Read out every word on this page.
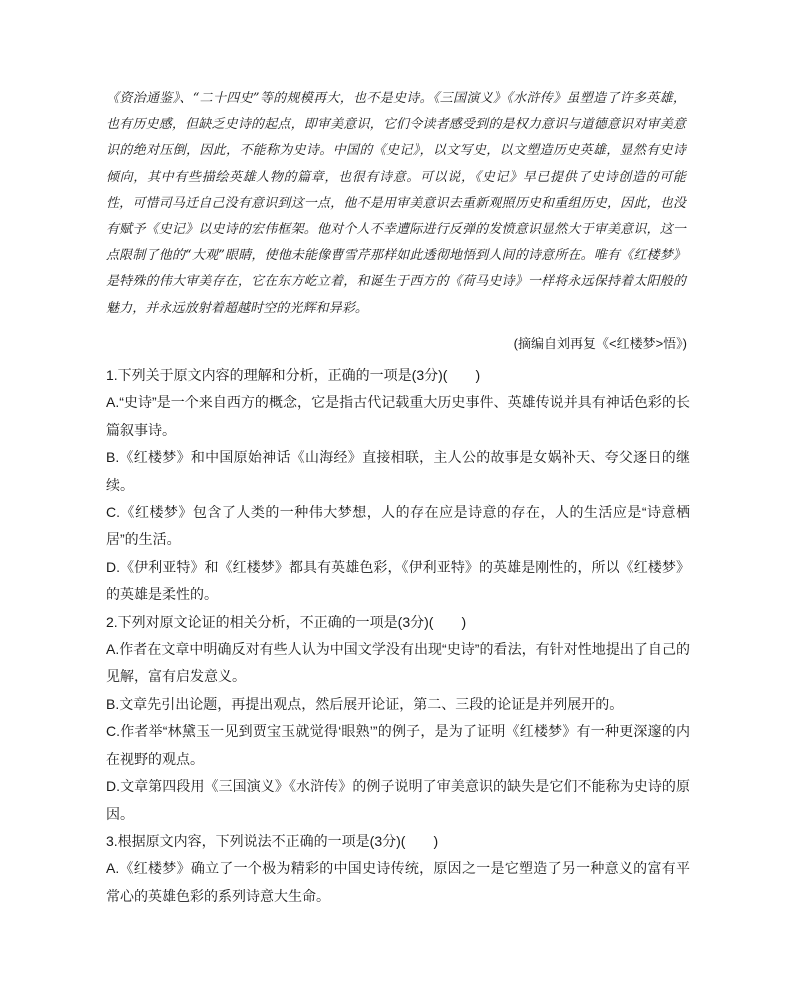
《资治通鉴》、“二十四史”等的规模再大，也不是史诗。《三国演义》《水浒传》虽塑造了许多英雄，也有历史感，但缺乏史诗的起点，即审美意识，它们令读者感受到的是权力意识与道德意识对审美意识的绝对压倒，因此，不能称为史诗。中国的《史记》，以文写史，以文塑造历史英雄，显然有史诗倾向，其中有些描绘英雄人物的篇章，也很有诗意。可以说，《史记》早已提供了史诗创造的可能性，可惜司马迁自己没有意识到这一点，他不是用审美意识去重新观照历史和重组历史，因此，也没有赋予《史记》以史诗的宏伟框架。他对个人不幸遭际进行反弹的发愤意识显然大于审美意识，这一点限制了他的“大观”眼睛，使他未能像曹雪芹那样如此透彻地悟到人间的诗意所在。唯有《红楼梦》是特殊的伟大审美存在，它在东方屹立着，和诞生于西方的《荷马史诗》一样将永远保持着太阳般的魅力，并永远放射着超越时空的光辉和异彩。

(摘编自刘再复《<红楼梦>悟》)

1.下列关于原文内容的理解和分析，正确的一项是(3分)(　　)

A.“史诗”是一个来自西方的概念，它是指古代记载重大历史事件、英雄传说并具有神话色彩的长篇叙事诗。

B.《红楼梦》和中国原始神话《山海经》直接相联，主人公的故事是女娲补天、夸父逐日的继续。

C.《红楼梦》包含了人类的一种伟大梦想，人的存在应是诗意的存在，人的生活应是“诗意栖居”的生活。

D.《伊利亚特》和《红楼梦》都具有英雄色彩，《伊利亚特》的英雄是刚性的，所以《红楼梦》的英雄是柔性的。

2.下列对原文论证的相关分析，不正确的一项是(3分)(　　)

A.作者在文章中明确反对有些人认为中国文学没有出现“史诗”的看法，有针对性地提出了自己的见解，富有启发意义。

B.文章先引出论题，再提出观点，然后展开论证，第二、三段的论证是并列展开的。

C.作者举“林黛玉一见到贾宝玉就觉得‘眼熟’”的例子，是为了证明《红楼梦》有一种更深邃的内在视野的观点。

D.文章第四段用《三国演义》《水浒传》的例子说明了审美意识的缺失是它们不能称为史诗的原因。

3.根据原文内容，下列说法不正确的一项是(3分)(　　)

A.《红楼梦》确立了一个极为精彩的中国史诗传统，原因之一是它塑造了另一种意义的富有平常心的英雄色彩的系列诗意大生命。
